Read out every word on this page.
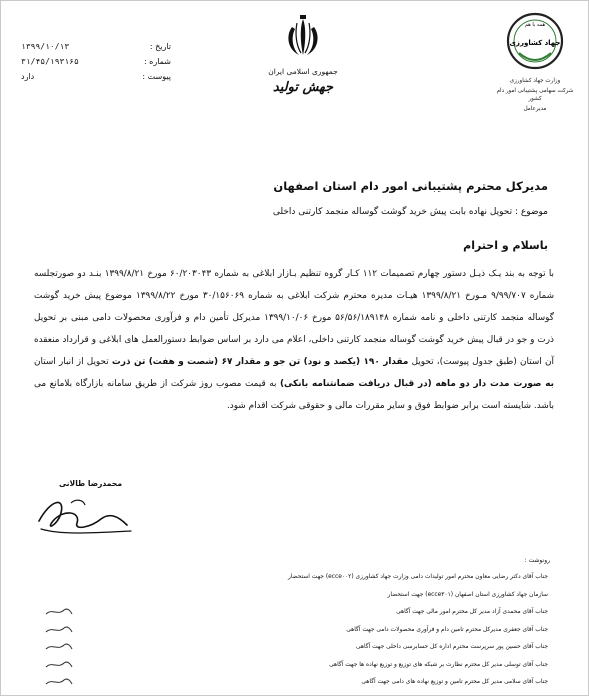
همه با هم
جهاد کشاورزی
وزارت جهاد کشاورزی
شرکت سهامی پشتیبانی امور دام کشور
مدیرعامل
جمهوری اسلامی ایران
جهش تولید
تاریخ :
۱۳۹۹/۱۰/۱۳
شماره :
۳۱/۴۵/۱۹۳۱۶۵
پیوست :
دارد
مدیرکل محترم پشتیبانی امور دام استان اصفهان
موضوع : تحویل نهاده بابت پیش خرید گوشت گوساله منجمد کارتنی داخلی
باسلام و احترام
با توجه به بند یـک ذیـل دستور چهارم تصمیمات ۱۱۲ کـار گروه تنظیم بـازار ابلاغی به شماره ۶۰/۲۰۳۰۴۳ مورخ ۱۳۹۹/۸/۲۱ بنـد دو صورتجلسه شماره ۹/۹۹/۷۰۷ مـورخ ۱۳۹۹/۸/۲۱ هیـات مدیره محترم شرکت ابلاغی به شماره ۳۰/۱۵۶۰۶۹ مورخ ۱۳۹۹/۸/۲۲ موضوع پیش خرید گوشت گوساله منجمد کارتنی داخلی و نامه شماره ۵۶/۵۶/۱۸۹۱۴۸ مورخ ۱۳۹۹/۱۰/۰۶ مدیرکل تأمین دام و فرآوری محصولات دامی مبنی بر تحویل ذرت و جو در قبال پیش خرید گوشت گوساله منجمد کارتنی داخلی، اعلام می دارد بر اساس ضوابط دستورالعمل های ابلاغی و قرارداد منعقده آن استان (طبق جدول پیوست)، تحویل مقدار ۱۹۰ (یکصد و نود) تن جو و مقدار ۶۷ (شصت و هفت) تن ذرت تحویل از انبار استان به صورت مدت دار دو ماهه (در قبال دریافت ضمانتنامه بانکی) به قیمت مصوب روز شرکت از طریق سامانه بازارگاه بلامانع می باشد. شایسته است برابر ضوابط فوق و سایر مقررات مالی و حقوقی شرکت اقدام شود.
محمدرضا طالانی
رونوشت :
جناب آقای دکتر رضایی معاون محترم امور تولیدات دامی وزارت جهاد کشاورزی (ecce۰۰۲) جهت استحضار
سازمان جهاد کشاورزی استان اصفهان (ecce۳۰۱) جهت استحضار
جناب آقای محمدی آزاد مدیر کل محترم امور مالی جهت آگاهی
جناب آقای جعفری مدیرکل محترم تامین دام و فرآوری محصولات دامی جهت آگاهی
جناب آقای حسین پور سرپرست محترم اداره کل حسابرسی داخلی جهت آگاهی
جناب آقای توسلی مدیر کل محترم نظارت بر شبکه های توزیع و توزیع نهاده ها جهت آگاهی
جناب آقای سلامی مدیر کل محترم تامین و توزیع نهاده های دامی جهت آگاهی
